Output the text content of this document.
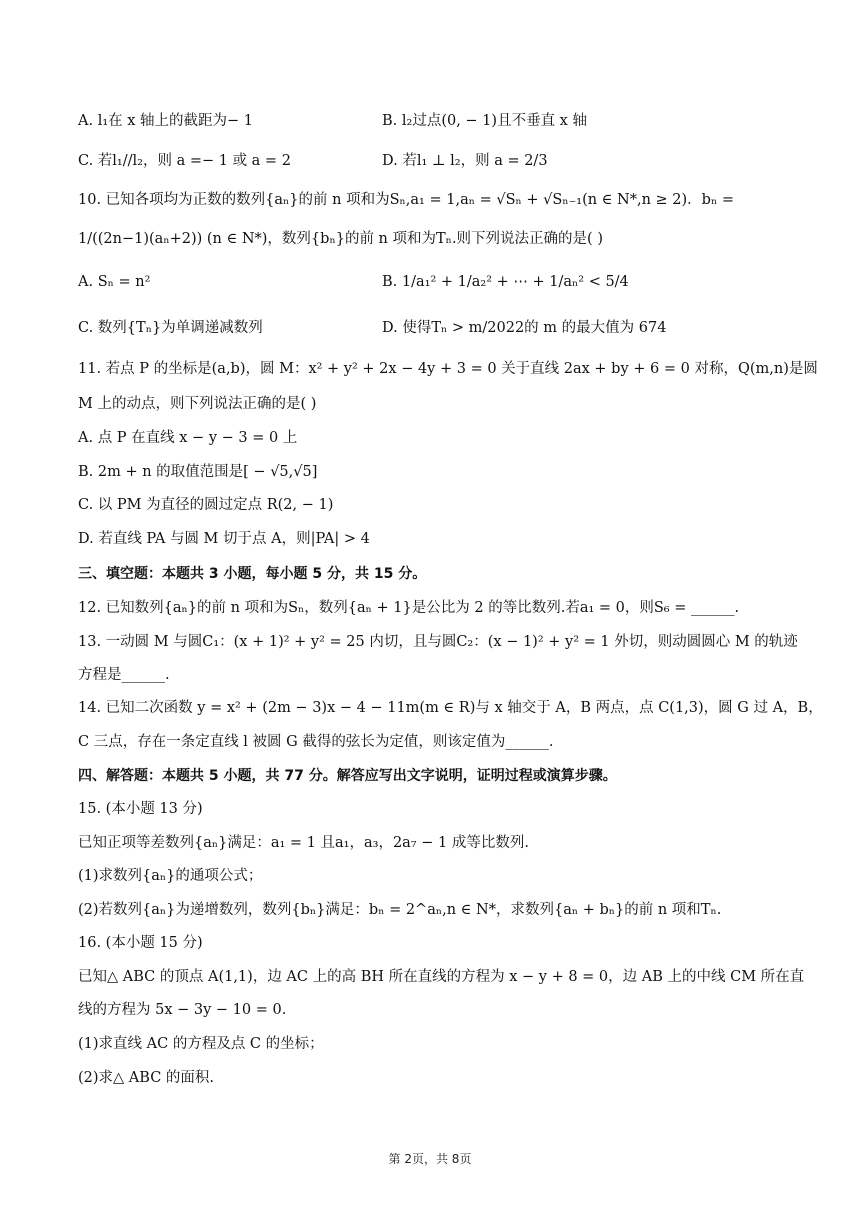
A. l₁在 x 轴上的截距为− 1	B. l₂过点(0, − 1)且不垂直 x 轴
C. 若l₁//l₂，则 a =− 1 或 a = 2	D. 若l₁ ⊥ l₂，则 a = 2/3
10. 已知各项均为正数的数列{aₙ}的前 n 项和为Sₙ,a₁ = 1,aₙ = √Sₙ + √Sₙ₋₁(n ∈ N*,n ≥ 2)．bₙ =
1/((2n−1)(aₙ+2)) (n ∈ N*)，数列{bₙ}的前 n 项和为Tₙ.则下列说法正确的是( )
A. Sₙ = n²	B. 1/a₁² + 1/a₂² + ⋯ + 1/aₙ² < 5/4
C. 数列{Tₙ}为单调递减数列	D. 使得Tₙ > m/2022的 m 的最大值为 674
11. 若点 P 的坐标是(a,b)，圆 M：x² + y² + 2x − 4y + 3 = 0 关于直线 2ax + by + 6 = 0 对称，Q(m,n)是圆
M 上的动点，则下列说法正确的是( )
A. 点 P 在直线 x − y − 3 = 0 上
B. 2m + n 的取值范围是[ − √5,√5]
C. 以 PM 为直径的圆过定点 R(2, − 1)
D. 若直线 PA 与圆 M 切于点 A，则|PA| > 4
三、填空题：本题共 3 小题，每小题 5 分，共 15 分。
12. 已知数列{aₙ}的前 n 项和为Sₙ，数列{aₙ + 1}是公比为 2 的等比数列.若a₁ = 0，则S₆ = ______.
13. 一动圆 M 与圆C₁：(x + 1)² + y² = 25 内切，且与圆C₂：(x − 1)² + y² = 1 外切，则动圆圆心 M 的轨迹
方程是______.
14. 已知二次函数 y = x² + (2m − 3)x − 4 − 11m(m ∈ R)与 x 轴交于 A，B 两点，点 C(1,3)，圆 G 过 A，B，
C 三点，存在一条定直线 l 被圆 G 截得的弦长为定值，则该定值为______.
四、解答题：本题共 5 小题，共 77 分。解答应写出文字说明，证明过程或演算步骤。
15. (本小题 13 分)
已知正项等差数列{aₙ}满足：a₁ = 1 且a₁，a₃，2a₇ − 1 成等比数列.
(1)求数列{aₙ}的通项公式；
(2)若数列{aₙ}为递增数列，数列{bₙ}满足：bₙ = 2^aₙ,n ∈ N*，求数列{aₙ + bₙ}的前 n 项和Tₙ.
16. (本小题 15 分)
已知△ ABC 的顶点 A(1,1)，边 AC 上的高 BH 所在直线的方程为 x − y + 8 = 0，边 AB 上的中线 CM 所在直
线的方程为 5x − 3y − 10 = 0.
(1)求直线 AC 的方程及点 C 的坐标；
(2)求△ ABC 的面积.
第 2页，共 8页
